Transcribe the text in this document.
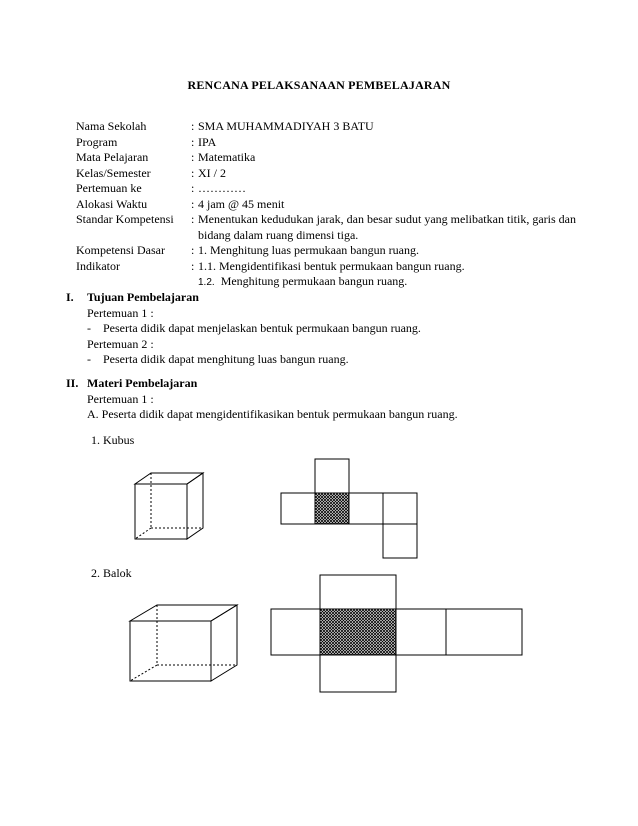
RENCANA PELAKSANAAN PEMBELAJARAN
Nama Sekolah	: SMA MUHAMMADIYAH 3 BATU
Program	: IPA
Mata Pelajaran	: Matematika
Kelas/Semester	: XI / 2
Pertemuan ke	: …………
Alokasi Waktu	: 4 jam @ 45 menit
Standar Kompetensi	: Menentukan kedudukan jarak, dan besar sudut yang melibatkan titik, garis dan bidang dalam ruang dimensi tiga.
Kompetensi Dasar	: 1. Menghitung luas permukaan bangun ruang.
Indikator	: 1.1. Mengidentifikasi bentuk permukaan bangun ruang.
1.2. Menghitung permukaan bangun ruang.
I. Tujuan Pembelajaran
Pertemuan 1 :
- Peserta didik dapat menjelaskan bentuk permukaan bangun ruang.
Pertemuan 2 :
- Peserta didik dapat menghitung luas bangun ruang.
II. Materi Pembelajaran
Pertemuan 1 :
A. Peserta didik dapat mengidentifikasikan bentuk permukaan bangun ruang.
1. Kubus
2. Balok
